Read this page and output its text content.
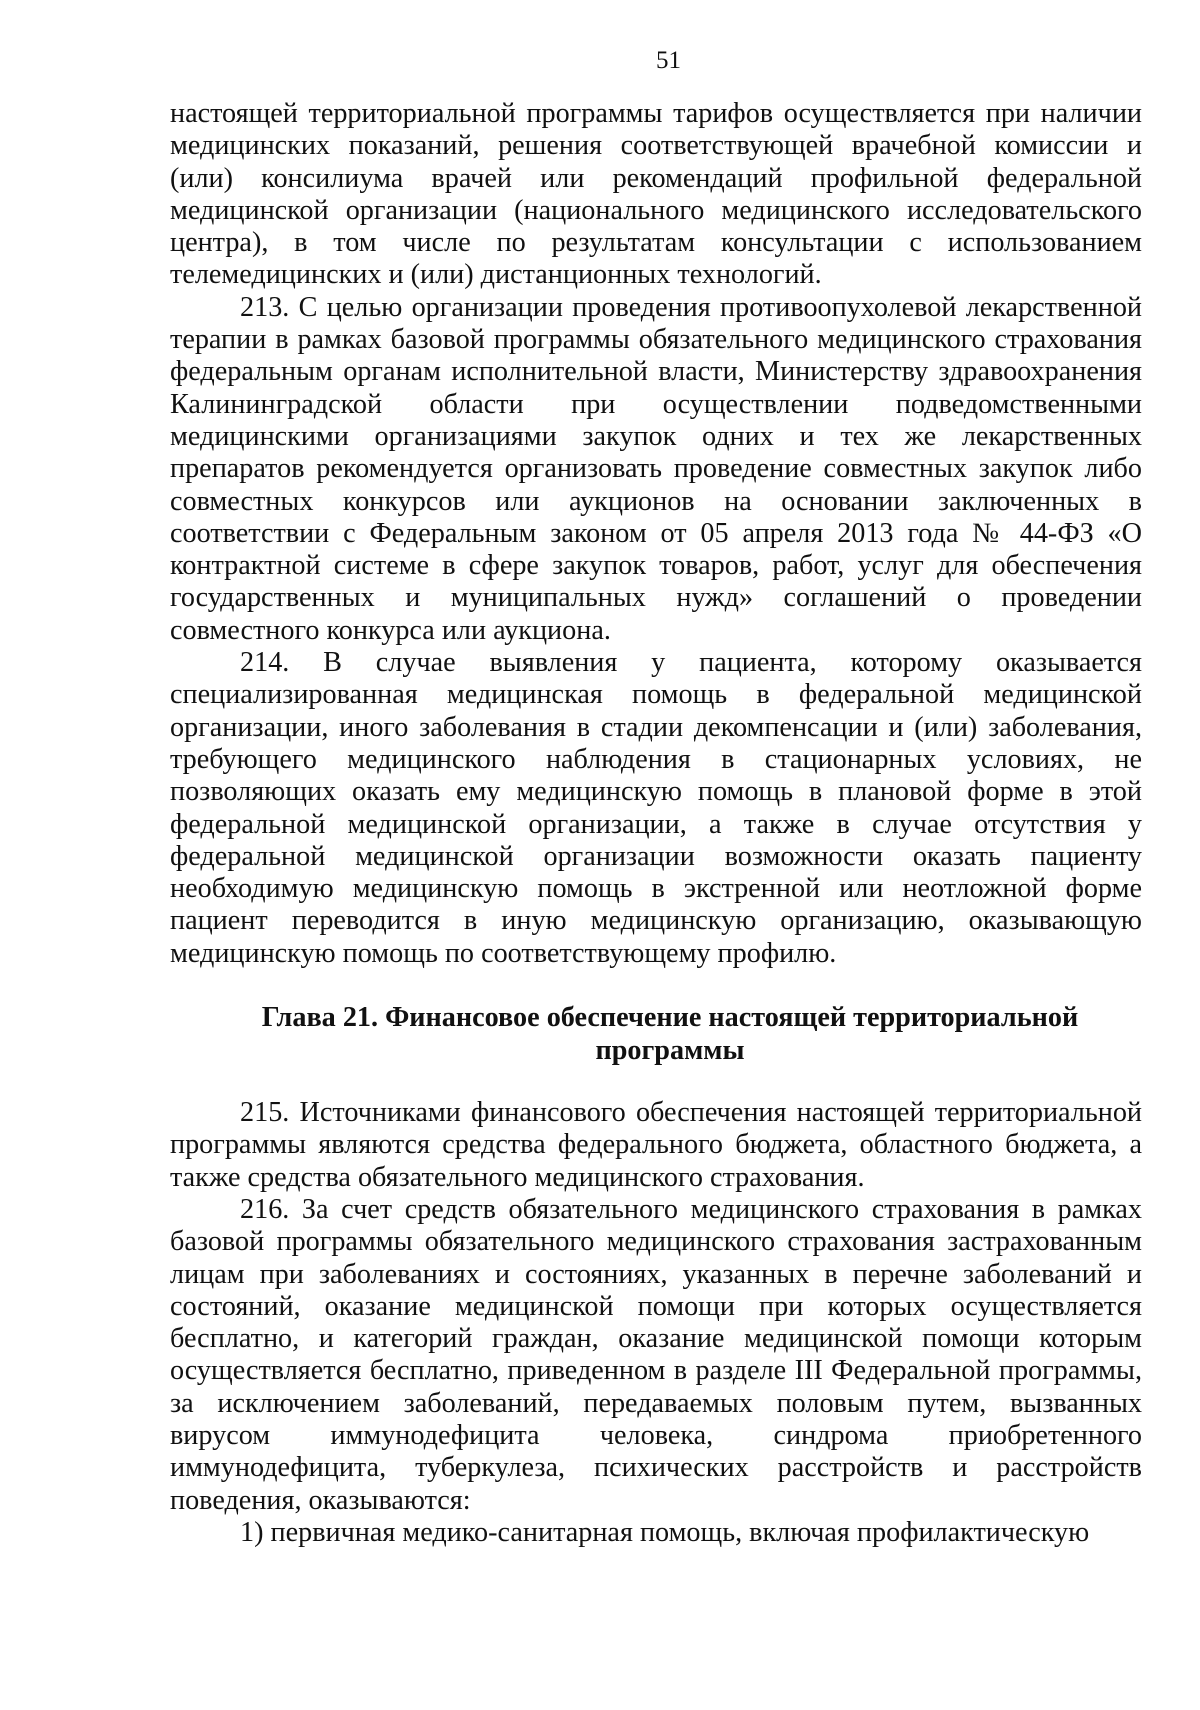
51

настоящей территориальной программы тарифов осуществляется при наличии медицинских показаний, решения соответствующей врачебной комиссии и (или) консилиума врачей или рекомендаций профильной федеральной медицинской организации (национального медицинского исследовательского центра), в том числе по результатам консультации с использованием телемедицинских и (или) дистанционных технологий.

213. С целью организации проведения противоопухолевой лекарственной терапии в рамках базовой программы обязательного медицинского страхования федеральным органам исполнительной власти, Министерству здравоохранения Калининградской области при осуществлении подведомственными медицинскими организациями закупок одних и тех же лекарственных препаратов рекомендуется организовать проведение совместных закупок либо совместных конкурсов или аукционов на основании заключенных в соответствии с Федеральным законом от 05 апреля 2013 года № 44-ФЗ «О контрактной системе в сфере закупок товаров, работ, услуг для обеспечения государственных и муниципальных нужд» соглашений о проведении совместного конкурса или аукциона.

214. В случае выявления у пациента, которому оказывается специализированная медицинская помощь в федеральной медицинской организации, иного заболевания в стадии декомпенсации и (или) заболевания, требующего медицинского наблюдения в стационарных условиях, не позволяющих оказать ему медицинскую помощь в плановой форме в этой федеральной медицинской организации, а также в случае отсутствия у федеральной медицинской организации возможности оказать пациенту необходимую медицинскую помощь в экстренной или неотложной форме пациент переводится в иную медицинскую организацию, оказывающую медицинскую помощь по соответствующему профилю.

Глава 21. Финансовое обеспечение настоящей территориальной
программы

215. Источниками финансового обеспечения настоящей территориальной программы являются средства федерального бюджета, областного бюджета, а также средства обязательного медицинского страхования.

216. За счет средств обязательного медицинского страхования в рамках базовой программы обязательного медицинского страхования застрахованным лицам при заболеваниях и состояниях, указанных в перечне заболеваний и состояний, оказание медицинской помощи при которых осуществляется бесплатно, и категорий граждан, оказание медицинской помощи которым осуществляется бесплатно, приведенном в разделе III Федеральной программы, за исключением заболеваний, передаваемых половым путем, вызванных вирусом иммунодефицита человека, синдрома приобретенного иммунодефицита, туберкулеза, психических расстройств и расстройств поведения, оказываются:

1) первичная медико-санитарная помощь, включая профилактическую
